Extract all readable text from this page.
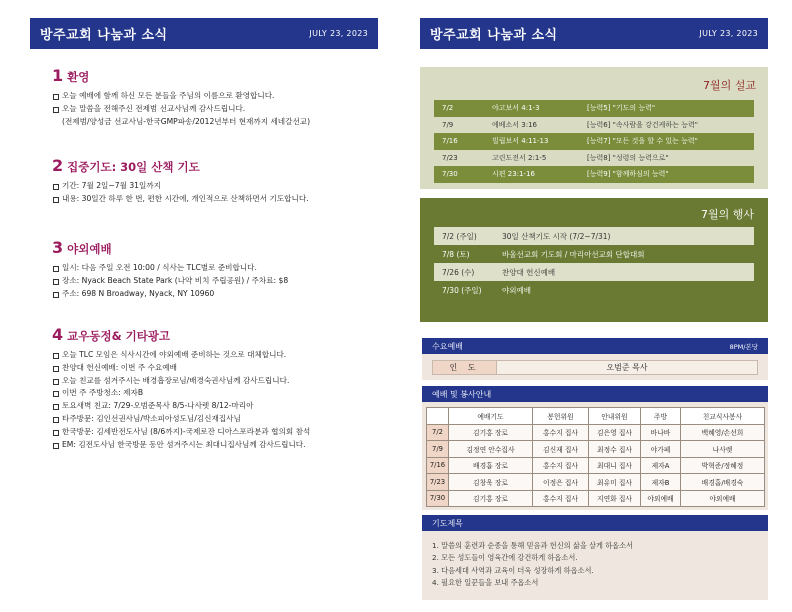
방주교회 나눔과 소식	JULY 23, 2023
1 환영
오늘 예배에 함께 하신 모든 분들을 주님의 이름으로 환영합니다.
오늘 말씀을 전해주신 전제범 선교사님께 감사드립니다.
(전제범/양성금 선교사님-한국GMP파송/2012년부터 현재까지 세네갈선교)
2 집중기도: 30일 산책 기도
기간: 7월 2일~7월 31일까지
내용: 30일간 하루 한 번, 편한 시간에, 개인적으로 산책하면서 기도합니다.
3 야외예배
일시: 다음 주일 오전 10:00 / 식사는 TLC별로 준비합니다.
장소: Nyack Beach State Park (나약 비치 주립공원) / 주차료: $8
주소: 698 N Broadway, Nyack, NY 10960
4 교우동정& 기타광고
오늘 TLC 모임은 식사시간에 야외예배 준비하는 것으로 대체합니다.
찬양대 헌신예배: 이번 주 수요예배
오늘 친교를 섬겨주시는 배경흡장로님/배경숙권사님께 감사드립니다.
이번 주 주방청소: 제자B
토요새벽 친교: 7/29-오범준목사 8/5-나사렛 8/12-마리아
타주방문: 김인선권사님/박소피아성도님/김신재집사님
한국방문: 김세반전도사님 (8/6까지)-국제로잔 디아스포라분과 협의회 참석
EM: 김전도사님 한국방문 동안 섬겨주시는 최대니집사님께 감사드립니다.
방주교회 나눔과 소식	JULY 23, 2023
7월의 설교
7/2	야고보서 4:1-3	[능력5] "기도의 능력"
7/9	에베소서 3:16	[능력6] "속사람을 강건케하는 능력"
7/16	빌립보서 4:11-13	[능력7] "모든 것을 할 수 있는 능력"
7/23	고린도전서 2:1-5	[능력8] "성령의 능력으로"
7/30	시편 23:1-16	[능력9] "함께하심의 능력"
7월의 행사
7/2 (주일)	30일 산책기도 시작 (7/2~7/31)
7/8 (토)	바울선교회 기도회 / 마리아선교회 단합대회
7/26 (수)	찬양대 헌신예배
7/30 (주일)	야외예배
수요예배	8PM/본당
인 도	오범준 목사
예배 및 봉사안내
	예배기도	봉헌위원	안내위원	주방	친교식사봉사
7/2	김기홍 장로	홍수지 집사	김은영 집사	바나바	백혜영/손선희
7/9	김정연 안수집사	김신재 집사	최정수 집사	야가페	나사렛
7/16	배경흡 장로	홍수지 집사	최대니 집사	제자A	박혁준/정혜정
7/23	김창욱 장로	이정은 집사	최유미 집사	제자B	배경흡/배경숙
7/30	김기홍 장로	홍수지 집사	지연화 집사	야외예배	야외예배
기도제목
1. 말씀의 훈련과 순종을 통해 믿음과 헌신의 삶을 살게 하옵소서
2. 모든 성도들이 영육간에 강건하게 하옵소서.
3. 다음세대 사역과 교육이 더욱 성장하게 하옵소서.
4. 필요한 일꾼들을 보내 주옵소서
